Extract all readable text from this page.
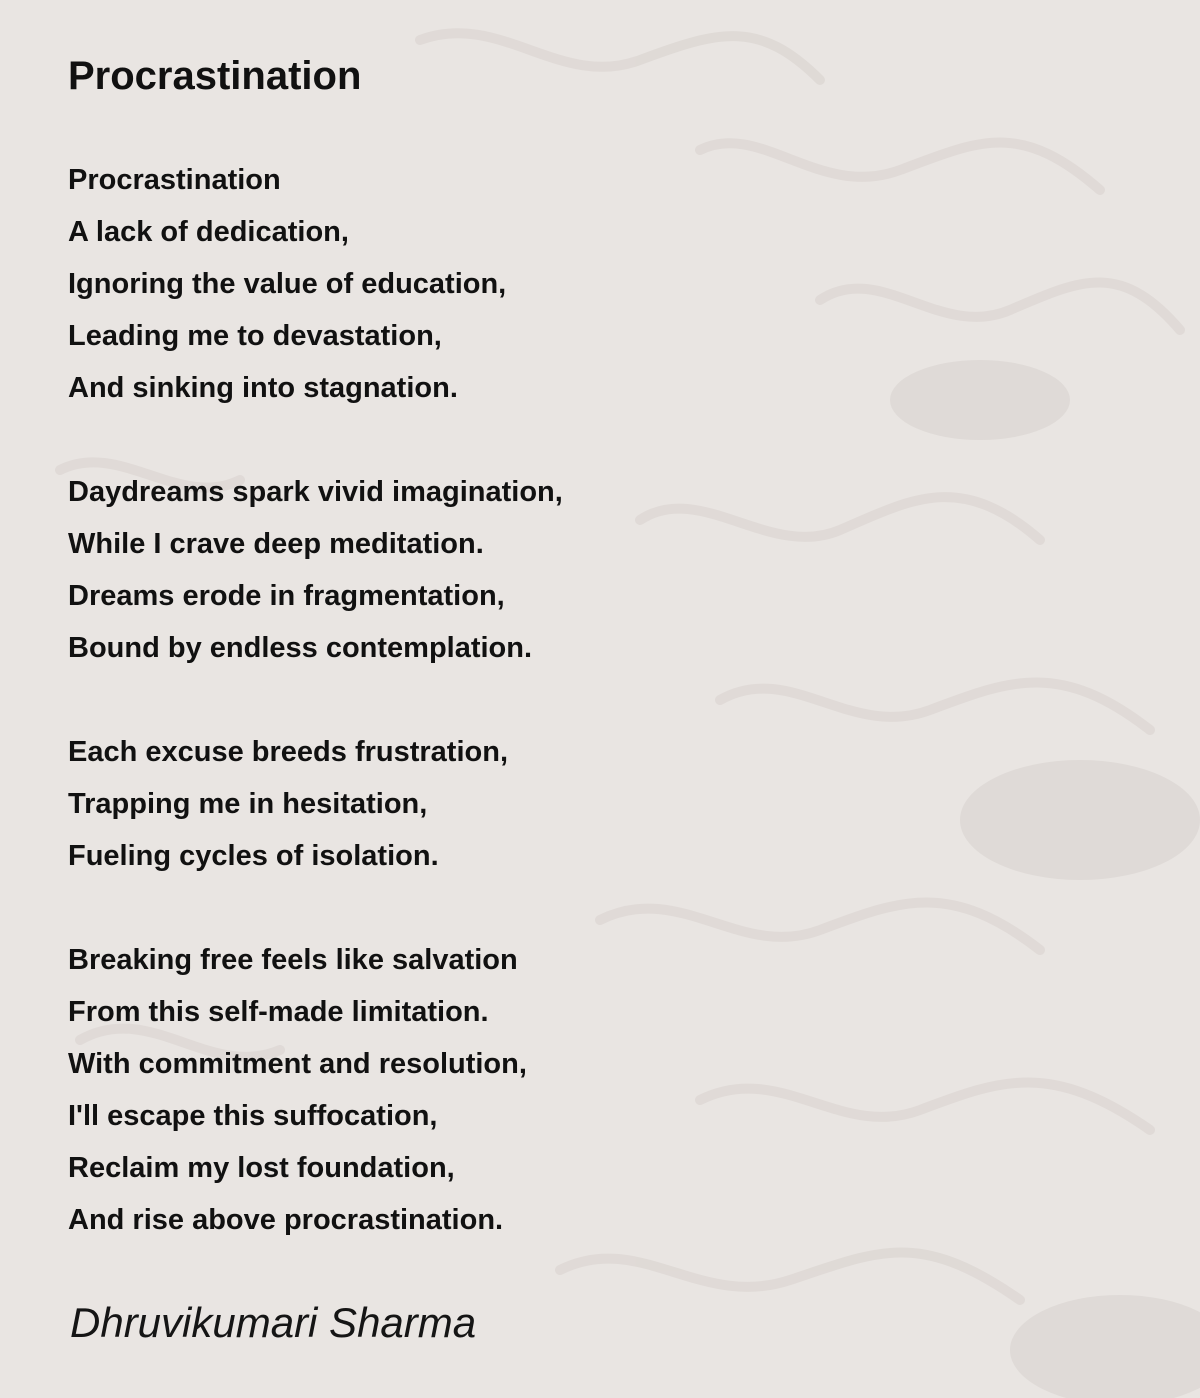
Procrastination
Procrastination
A lack of dedication,
Ignoring the value of education,
Leading me to devastation,
And sinking into stagnation.
Daydreams spark vivid imagination,
While I crave deep meditation.
Dreams erode in fragmentation,
Bound by endless contemplation.
Each excuse breeds frustration,
Trapping me in hesitation,
Fueling cycles of isolation.
Breaking free feels like salvation
From this self-made limitation.
With commitment and resolution,
I'll escape this suffocation,
Reclaim my lost foundation,
And rise above procrastination.
Dhruvikumari Sharma
